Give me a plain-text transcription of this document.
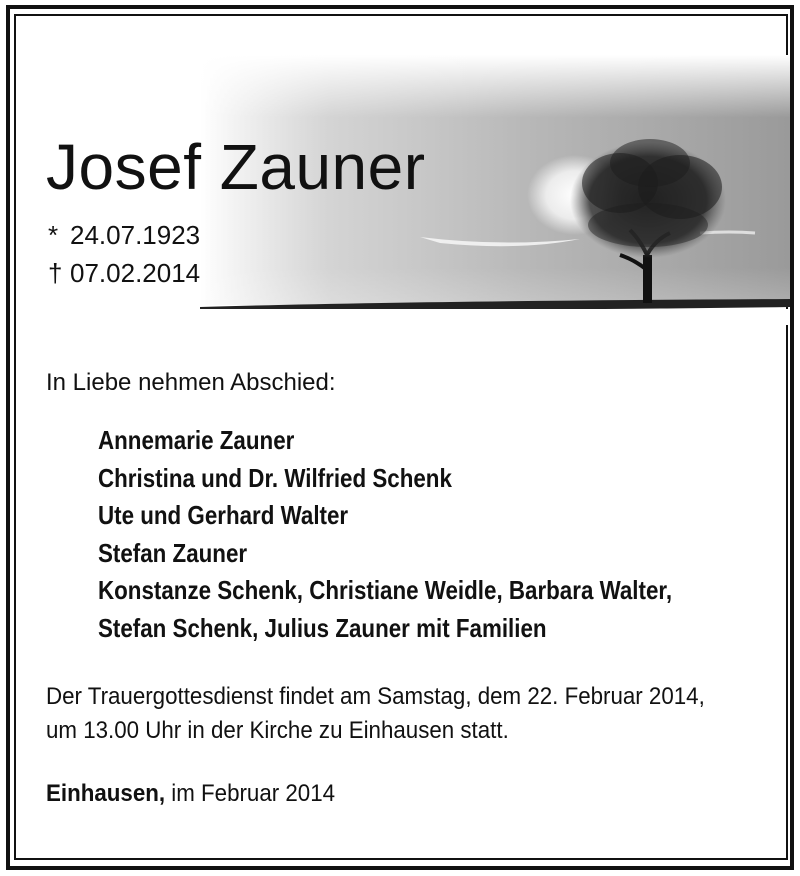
Josef Zauner
* 24.07.1923
† 07.02.2014
In Liebe nehmen Abschied:
Annemarie Zauner
Christina und Dr. Wilfried Schenk
Ute und Gerhard Walter
Stefan Zauner
Konstanze Schenk, Christiane Weidle, Barbara Walter,
Stefan Schenk, Julius Zauner mit Familien
Der Trauergottesdienst findet am Samstag, dem 22. Februar 2014,
um 13.00 Uhr in der Kirche zu Einhausen statt.
Einhausen, im Februar 2014
